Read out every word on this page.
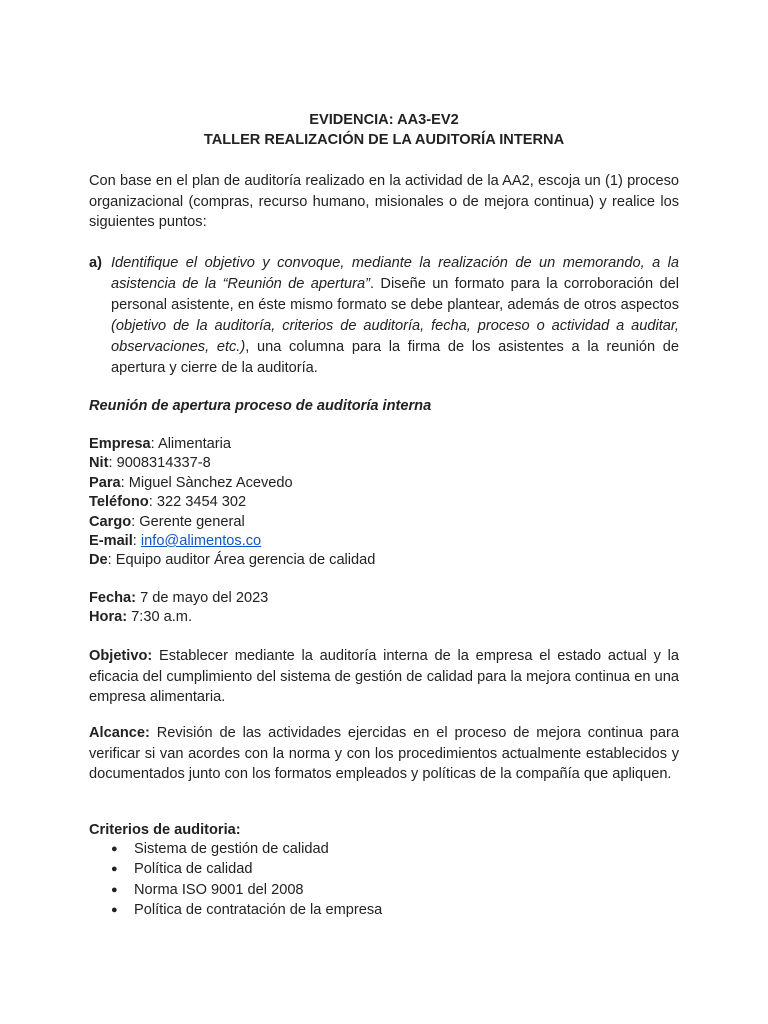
EVIDENCIA: AA3-EV2
TALLER REALIZACIÓN DE LA AUDITORÍA INTERNA
Con base en el plan de auditoría realizado en la actividad de la AA2, escoja un (1) proceso organizacional (compras, recurso humano, misionales o de mejora continua) y realice los siguientes puntos:
a) Identifique el objetivo y convoque, mediante la realización de un memorando, a la asistencia de la “Reunión de apertura”. Diseñe un formato para la corroboración del personal asistente, en éste mismo formato se debe plantear, además de otros aspectos (objetivo de la auditoría, criterios de auditoría, fecha, proceso o actividad a auditar, observaciones, etc.), una columna para la firma de los asistentes a la reunión de apertura y cierre de la auditoría.
Reunión de apertura proceso de auditoría interna
Empresa: Alimentaria
Nit: 9008314337-8
Para: Miguel Sànchez Acevedo
Teléfono: 322 3454 302
Cargo: Gerente general
E-mail: info@alimentos.co
De: Equipo auditor Área gerencia de calidad
Fecha: 7 de mayo del 2023
Hora: 7:30 a.m.
Objetivo: Establecer mediante la auditoría interna de la empresa el estado actual y la eficacia del cumplimiento del sistema de gestión de calidad para la mejora continua en una empresa alimentaria.
Alcance: Revisión de las actividades ejercidas en el proceso de mejora continua para verificar si van acordes con la norma y con los procedimientos actualmente establecidos y documentados junto con los formatos empleados y políticas de la compañía que apliquen.
Criterios de auditoria:
● Sistema de gestión de calidad
● Política de calidad
● Norma ISO 9001 del 2008
● Política de contratación de la empresa
